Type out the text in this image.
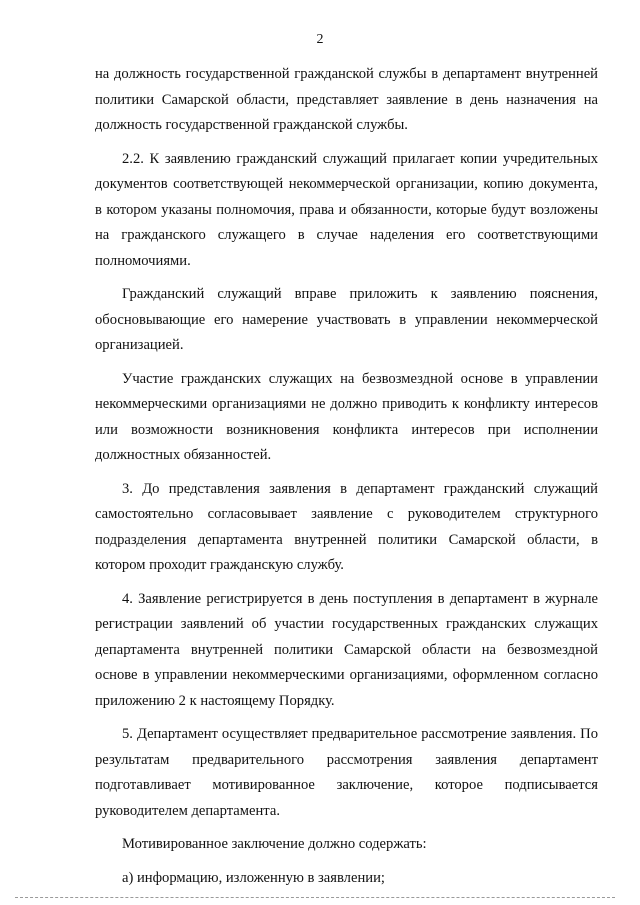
2

на должность государственной гражданской службы в департамент внутренней политики Самарской области, представляет заявление в день назначения на должность государственной гражданской службы.

2.2. К заявлению гражданский служащий прилагает копии учредительных документов соответствующей некоммерческой организации, копию документа, в котором указаны полномочия, права и обязанности, которые будут возложены на гражданского служащего в случае наделения его соответствующими полномочиями.

Гражданский служащий вправе приложить к заявлению пояснения, обосновывающие его намерение участвовать в управлении некоммерческой организацией.

Участие гражданских служащих на безвозмездной основе в управлении некоммерческими организациями не должно приводить к конфликту интересов или возможности возникновения конфликта интересов при исполнении должностных обязанностей.

3. До представления заявления в департамент гражданский служащий самостоятельно согласовывает заявление с руководителем структурного подразделения департамента внутренней политики Самарской области, в котором проходит гражданскую службу.

4. Заявление регистрируется в день поступления в департамент в журнале регистрации заявлений об участии государственных гражданских служащих департамента внутренней политики Самарской области на безвозмездной основе в управлении некоммерческими организациями, оформленном согласно приложению 2 к настоящему Порядку.

5. Департамент осуществляет предварительное рассмотрение заявления. По результатам предварительного рассмотрения заявления департамент подготавливает мотивированное заключение, которое подписывается руководителем департамента.

Мотивированное заключение должно содержать:

а) информацию, изложенную в заявлении;
